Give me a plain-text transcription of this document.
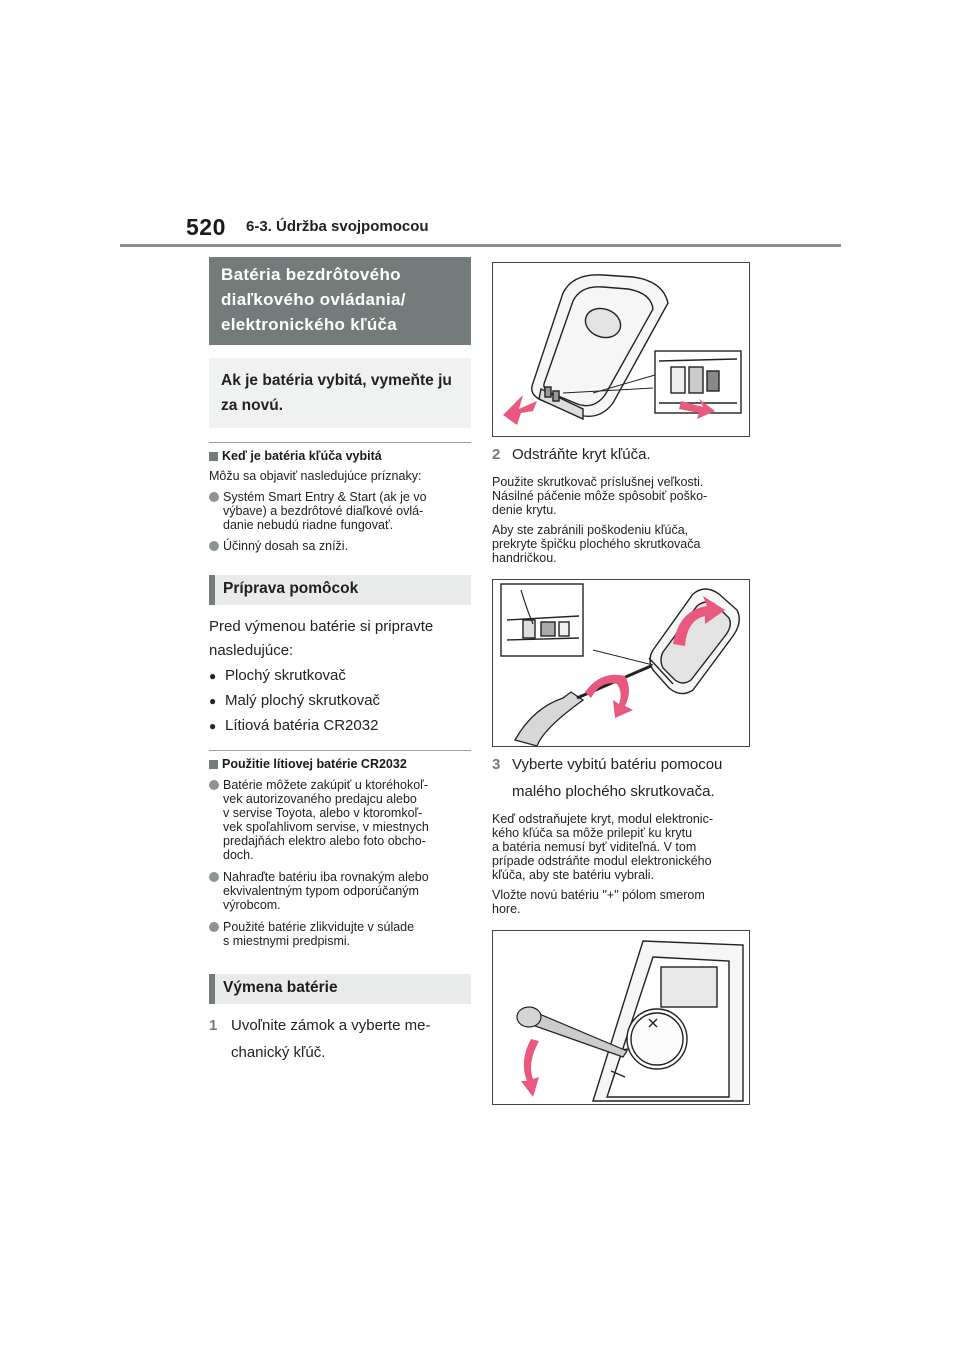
520 6-3. Údržba svojpomocou
Batéria bezdrôtového
diaľkového ovládania/
elektronického kľúča
Ak je batéria vybitá, vymeňte ju
za novú.
Keď je batéria kľúča vybitá
Môžu sa objaviť nasledujúce príznaky:
Systém Smart Entry & Start (ak je vo
výbave) a bezdrôtové diaľkové ovlá-
danie nebudú riadne fungovať.
Účinný dosah sa zníži.
Príprava pomôcok
Pred výmenou batérie si pripravte
nasledujúce:
● Plochý skrutkovač
● Malý plochý skrutkovač
● Lítiová batéria CR2032
Použitie lítiovej batérie CR2032
Batérie môžete zakúpiť u ktoréhokoľ-
vek autorizovaného predajcu alebo
v servise Toyota, alebo v ktoromkoľ-
vek spoľahlivom servise, v miestnych
predajňách elektro alebo foto obcho-
doch.
Nahraďte batériu iba rovnakým alebo
ekvivalentným typom odporúčaným
výrobcom.
Použité batérie zlikvidujte v súlade
s miestnymi predpismi.
Výmena batérie
1 Uvoľnite zámok a vyberte me-
chanický kľúč.
2 Odstráňte kryt kľúča.
Použite skrutkovač príslušnej veľkosti.
Násilné páčenie môže spôsobiť poško-
denie krytu.
Aby ste zabránili poškodeniu kľúča,
prekryte špičku plochého skrutkovača
handričkou.
3 Vyberte vybitú batériu pomocou
malého plochého skrutkovača.
Keď odstraňujete kryt, modul elektronic-
kého kľúča sa môže prilepiť ku krytu
a batéria nemusí byť viditeľná. V tom
prípade odstráňte modul elektronického
kľúča, aby ste batériu vybrali.
Vložte novú batériu "+" pólom smerom
hore.
